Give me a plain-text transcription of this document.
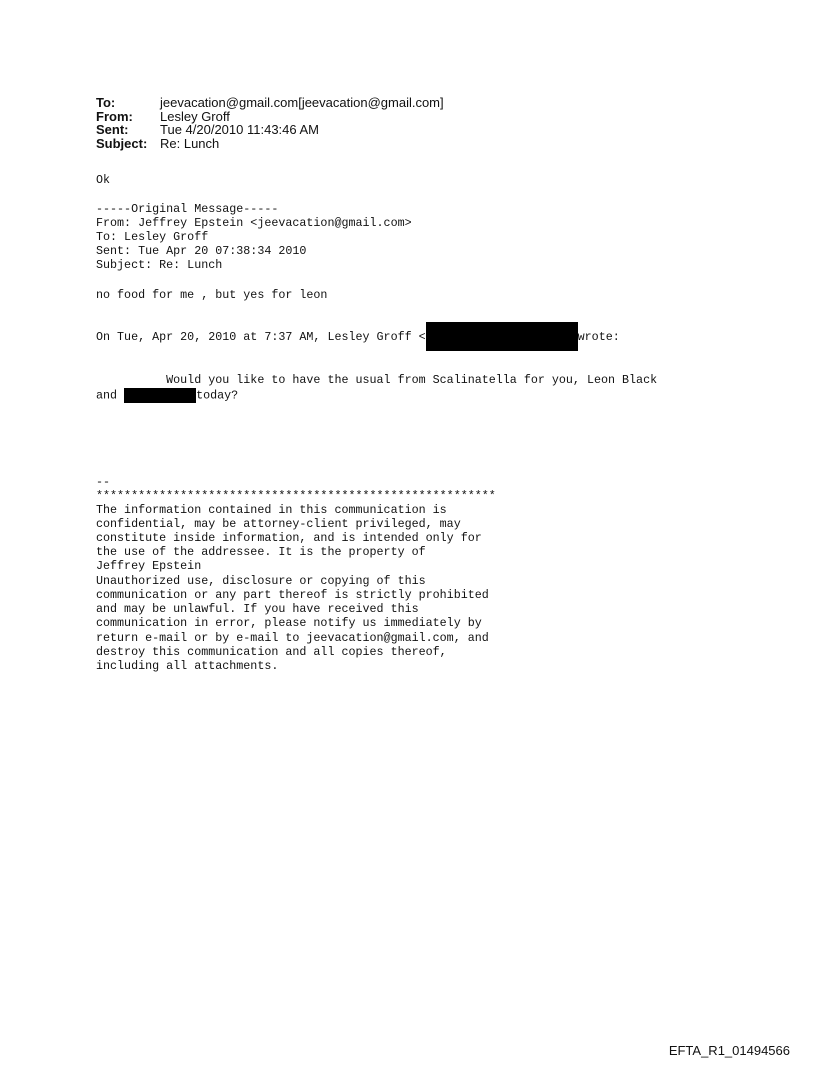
To:	jeevacation@gmail.com[jeevacation@gmail.com]
From:	Lesley Groff
Sent:	Tue 4/20/2010 11:43:46 AM
Subject: Re: Lunch
Ok
-----Original Message-----
From: Jeffrey Epstein <jeevacation@gmail.com>
To: Lesley Groff
Sent: Tue Apr 20 07:38:34 2010
Subject: Re: Lunch
no food for me , but yes for leon
On Tue, Apr 20, 2010 at 7:37 AM, Lesley Groff <	wrote:
Would you like to have the usual from Scalinatella for you, Leon Black
and	today?
--
*********************************************************
The information contained in this communication is
confidential, may be attorney-client privileged, may
constitute inside information, and is intended only for
the use of the addressee. It is the property of
Jeffrey Epstein
Unauthorized use, disclosure or copying of this
communication or any part thereof is strictly prohibited
and may be unlawful. If you have received this
communication in error, please notify us immediately by
return e-mail or by e-mail to jeevacation@gmail.com, and
destroy this communication and all copies thereof,
including all attachments.
EFTA_R1_01494566
